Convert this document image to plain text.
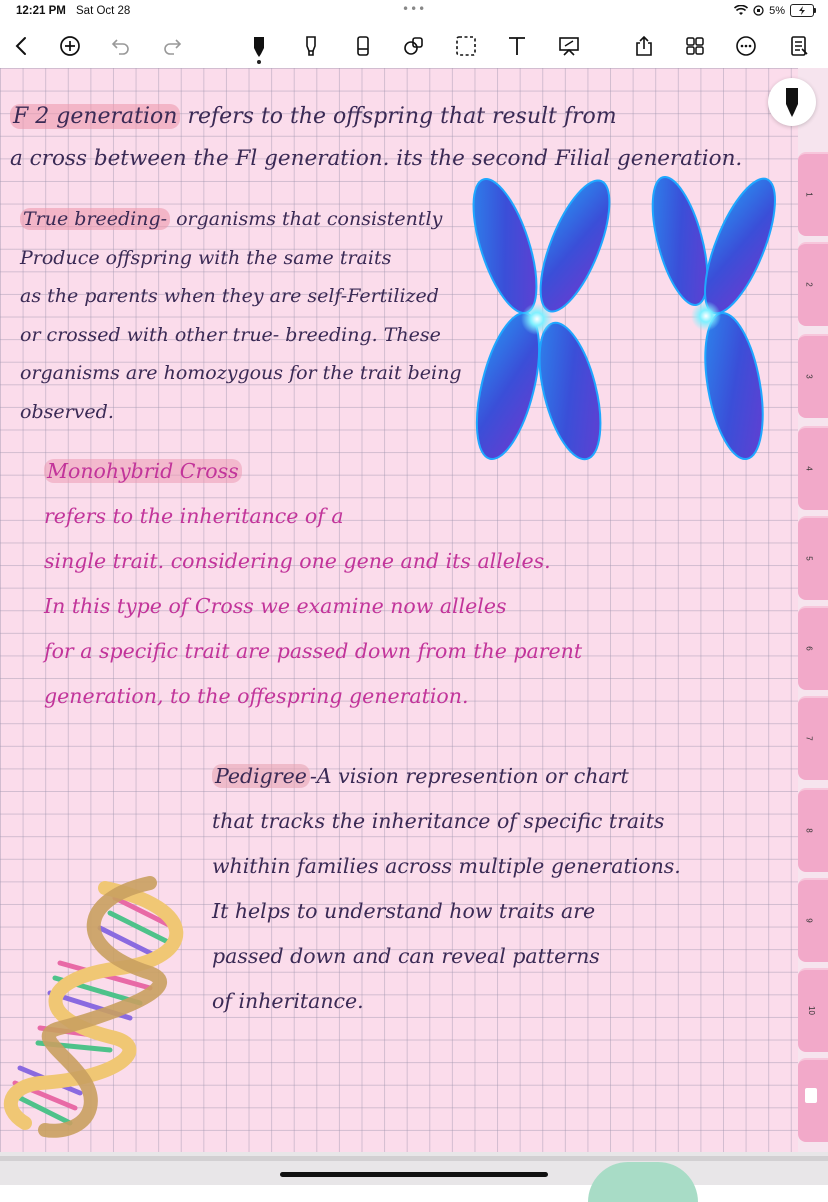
12:21 PM Sat Oct 28	•••	5%

F 2 generation refers to the offspring that result from

a cross between the Fl generation. its the second Filial generation.

True breeding- organisms that consistently
Produce offspring with the same traits
as the parents when they are self-Fertilized
or crossed with other true- breeding. These
organisms are homozygous for the trait being
observed.
Monohybrid Cross
refers to the inheritance of a
single trait. considering one gene and its alleles.
In this type of Cross we examine now alleles
for a specific trait are passed down from the parent
generation, to the offespring generation.
Pedigree -A vision represention or chart
that tracks the inheritance of specific traits
whithin families across multiple generations.
It helps to understand how traits are
passed down and can reveal patterns
of inheritance.
1
2
3
4
5
6
7
8
9
10
